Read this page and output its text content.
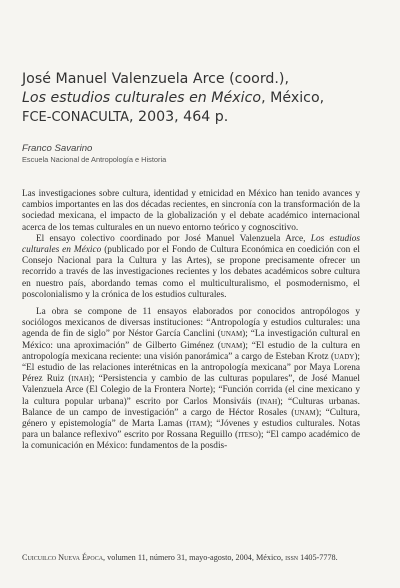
José Manuel Valenzuela Arce (coord.),
Los estudios culturales en México, México,
FCE-CONACULTA, 2003, 464 p.
Franco Savarino
Escuela Nacional de Antropología e Historia

Las investigaciones sobre cultura, identidad y etnicidad en México han tenido avances y cambios importantes en las dos décadas recientes, en sincronía con la transformación de la sociedad mexicana, el impacto de la globalización y el debate académico internacional acerca de los temas culturales en un nuevo entorno teórico y cognoscitivo.

El ensayo colectivo coordinado por José Manuel Valenzuela Arce, Los estudios culturales en México (publicado por el Fondo de Cultura Económica en coedición con el Consejo Nacional para la Cultura y las Artes), se propone precisamente ofrecer un recorrido a través de las investigaciones recientes y los debates académicos sobre cultura en nuestro país, abordando temas como el multiculturalismo, el posmodernismo, el poscolonialismo y la crónica de los estudios culturales.

La obra se compone de 11 ensayos elaborados por conocidos antropólogos y sociólogos mexicanos de diversas instituciones: “Antropología y estudios culturales: una agenda de fin de siglo” por Néstor García Canclini (unam); “La investigación cultural en México: una aproximación” de Gilberto Giménez (unam); “El estudio de la cultura en antropología mexicana reciente: una visión panorámica” a cargo de Esteban Krotz (uady); “El estudio de las relaciones interétnicas en la antropología mexicana” por Maya Lorena Pérez Ruiz (inah); “Persistencia y cambio de las culturas populares”, de José Manuel Valenzuela Arce (El Colegio de la Frontera Norte); “Función corrida (el cine mexicano y la cultura popular urbana)” escrito por Carlos Monsiváis (inah); “Culturas urbanas. Balance de un campo de investigación” a cargo de Héctor Rosales (unam); “Cultura, género y epistemología” de Marta Lamas (itam); “Jóvenes y estudios culturales. Notas para un balance reflexivo” escrito por Rossana Reguillo (iteso); “El campo académico de la comunicación en México: fundamentos de la posdis-

Cuicuilco Nueva Época, volumen 11, número 31, mayo-agosto, 2004, México, issn 1405-7778.
